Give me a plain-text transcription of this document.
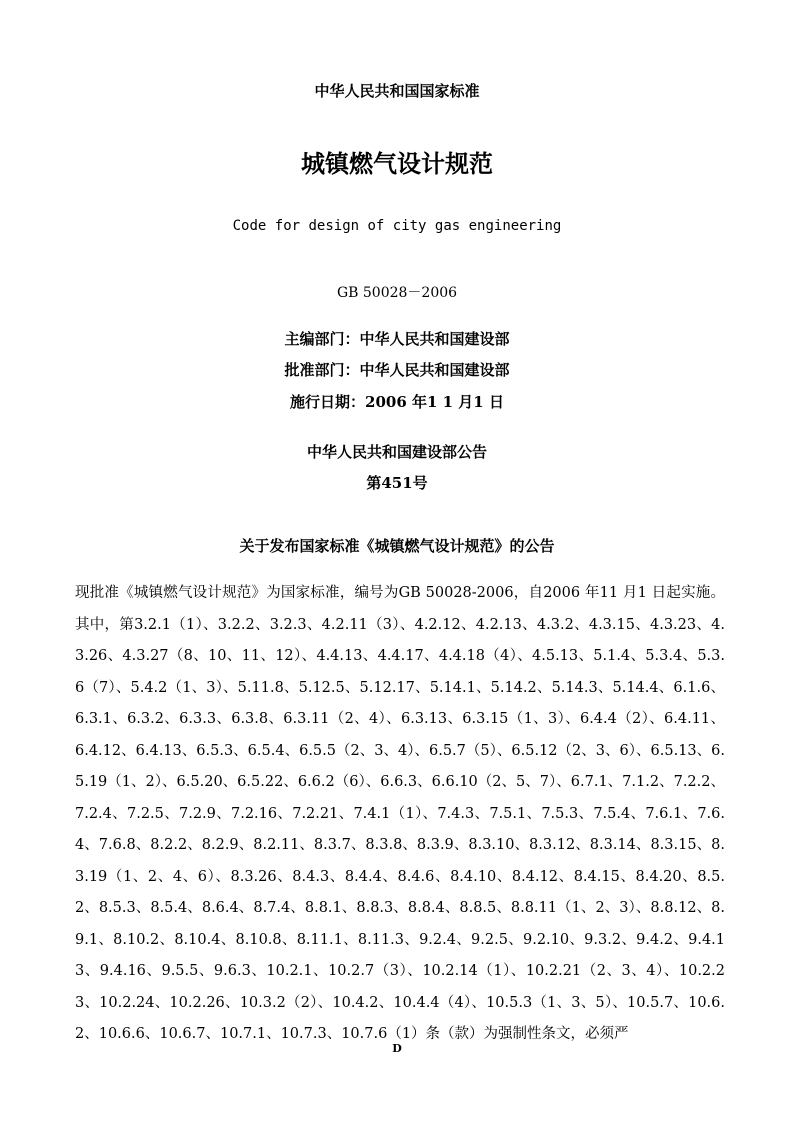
中华人民共和国国家标准
城镇燃气设计规范
Code for design of city gas engineering
GB 50028－2006
主编部门：中华人民共和国建设部
批准部门：中华人民共和国建设部
施行日期：2006 年1 1 月1 日
中华人民共和国建设部公告
第451号
关于发布国家标准《城镇燃气设计规范》的公告
现批准《城镇燃气设计规范》为国家标准，编号为GB 50028-2006，自2006 年11 月1 日起实施。其中，第3.2.1（1）、3.2.2、3.2.3、4.2.11（3）、4.2.12、4.2.13、4.3.2、4.3.15、4.3.23、4.3.26、4.3.27（8、10、11、12）、4.4.13、4.4.17、4.4.18（4）、4.5.13、5.1.4、5.3.4、5.3.6（7）、5.4.2（1、3）、5.11.8、5.12.5、5.12.17、5.14.1、5.14.2、5.14.3、5.14.4、6.1.6、6.3.1、6.3.2、6.3.3、6.3.8、6.3.11（2、4）、6.3.13、6.3.15（1、3）、6.4.4（2）、6.4.11、6.4.12、6.4.13、6.5.3、6.5.4、6.5.5（2、3、4）、6.5.7（5）、6.5.12（2、3、6）、6.5.13、6.5.19（1、2）、6.5.20、6.5.22、6.6.2（6）、6.6.3、6.6.10（2、5、7）、6.7.1、7.1.2、7.2.2、7.2.4、7.2.5、7.2.9、7.2.16、7.2.21、7.4.1（1）、7.4.3、7.5.1、7.5.3、7.5.4、7.6.1、7.6.4、7.6.8、8.2.2、8.2.9、8.2.11、8.3.7、8.3.8、8.3.9、8.3.10、8.3.12、8.3.14、8.3.15、8.3.19（1、2、4、6）、8.3.26、8.4.3、8.4.4、8.4.6、8.4.10、8.4.12、8.4.15、8.4.20、8.5.2、8.5.3、8.5.4、8.6.4、8.7.4、8.8.1、8.8.3、8.8.4、8.8.5、8.8.11（1、2、3）、8.8.12、8.9.1、8.10.2、8.10.4、8.10.8、8.11.1、8.11.3、9.2.4、9.2.5、9.2.10、9.3.2、9.4.2、9.4.13、9.4.16、9.5.5、9.6.3、10.2.1、10.2.7（3）、10.2.14（1）、10.2.21（2、3、4）、10.2.23、10.2.24、10.2.26、10.3.2（2）、10.4.2、10.4.4（4）、10.5.3（1、3、5）、10.5.7、10.6.2、10.6.6、10.6.7、10.7.1、10.7.3、10.7.6（1）条（款）为强制性条文，必须严
D
